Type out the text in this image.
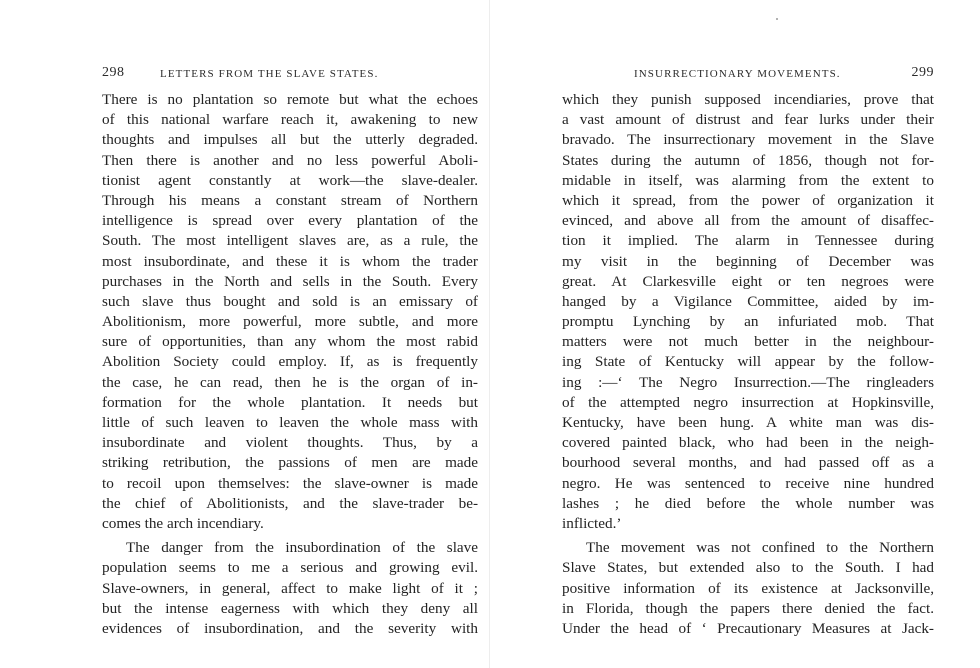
298	LETTERS FROM THE SLAVE STATES.
There is no plantation so remote but what the echoes
of this national warfare reach it, awakening to new
thoughts and impulses all but the utterly degraded.
Then there is another and no less powerful Aboli-
tionist agent constantly at work—the slave-dealer.
Through his means a constant stream of Northern
intelligence is spread over every plantation of the
South. The most intelligent slaves are, as a rule, the
most insubordinate, and these it is whom the trader
purchases in the North and sells in the South. Every
such slave thus bought and sold is an emissary of
Abolitionism, more powerful, more subtle, and more
sure of opportunities, than any whom the most rabid
Abolition Society could employ. If, as is frequently
the case, he can read, then he is the organ of in-
formation for the whole plantation. It needs but
little of such leaven to leaven the whole mass with
insubordinate and violent thoughts. Thus, by a
striking retribution, the passions of men are made
to recoil upon themselves: the slave-owner is made
the chief of Abolitionists, and the slave-trader be-
comes the arch incendiary.
The danger from the insubordination of the slave
population seems to me a serious and growing evil.
Slave-owners, in general, affect to make light of it ;
but the intense eagerness with which they deny all
evidences of insubordination, and the severity with
INSURRECTIONARY MOVEMENTS.	299
which they punish supposed incendiaries, prove that
a vast amount of distrust and fear lurks under their
bravado. The insurrectionary movement in the Slave
States during the autumn of 1856, though not for-
midable in itself, was alarming from the extent to
which it spread, from the power of organization it
evinced, and above all from the amount of disaffec-
tion it implied. The alarm in Tennessee during
my visit in the beginning of December was
great. At Clarkesville eight or ten negroes were
hanged by a Vigilance Committee, aided by im-
promptu Lynching by an infuriated mob. That
matters were not much better in the neighbour-
ing State of Kentucky will appear by the follow-
ing :—‘ The Negro Insurrection.—The ringleaders
of the attempted negro insurrection at Hopkinsville,
Kentucky, have been hung. A white man was dis-
covered painted black, who had been in the neigh-
bourhood several months, and had passed off as a
negro. He was sentenced to receive nine hundred
lashes ; he died before the whole number was
inflicted.’
The movement was not confined to the Northern
Slave States, but extended also to the South. I had
positive information of its existence at Jacksonville,
in Florida, though the papers there denied the fact.
Under the head of ‘ Precautionary Measures at Jack-
